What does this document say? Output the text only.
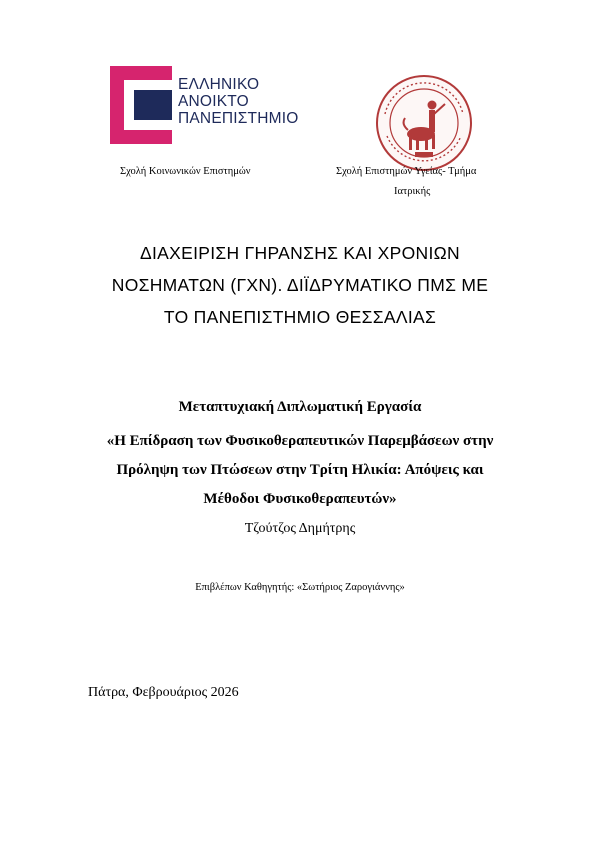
ΕΛΛΗΝΙΚΟ
ΑΝΟΙΚΤΟ
ΠΑΝΕΠΙΣΤΗΜΙΟ
Σχολή Κοινωνικών Επιστημών	Σχολή Επιστημών Υγείας- Τμήμα
Ιατρικής
ΔΙΑΧΕΙΡΙΣΗ ΓΗΡΑΝΣΗΣ ΚΑΙ ΧΡΟΝΙΩΝ
ΝΟΣΗΜΑΤΩΝ (ΓΧΝ). ΔΙΪΔΡΥΜΑΤΙΚΟ ΠΜΣ ΜΕ
ΤΟ ΠΑΝΕΠΙΣΤΗΜΙΟ ΘΕΣΣΑΛΙΑΣ
Μεταπτυχιακή Διπλωματική Εργασία
«Η Επίδραση των Φυσικοθεραπευτικών Παρεμβάσεων στην
Πρόληψη των Πτώσεων στην Τρίτη Ηλικία: Απόψεις και
Μέθοδοι Φυσικοθεραπευτών»
Τζούτζος Δημήτρης
Επιβλέπων Καθηγητής: «Σωτήριος Ζαρογιάννης»
Πάτρα, Φεβρουάριος 2026
